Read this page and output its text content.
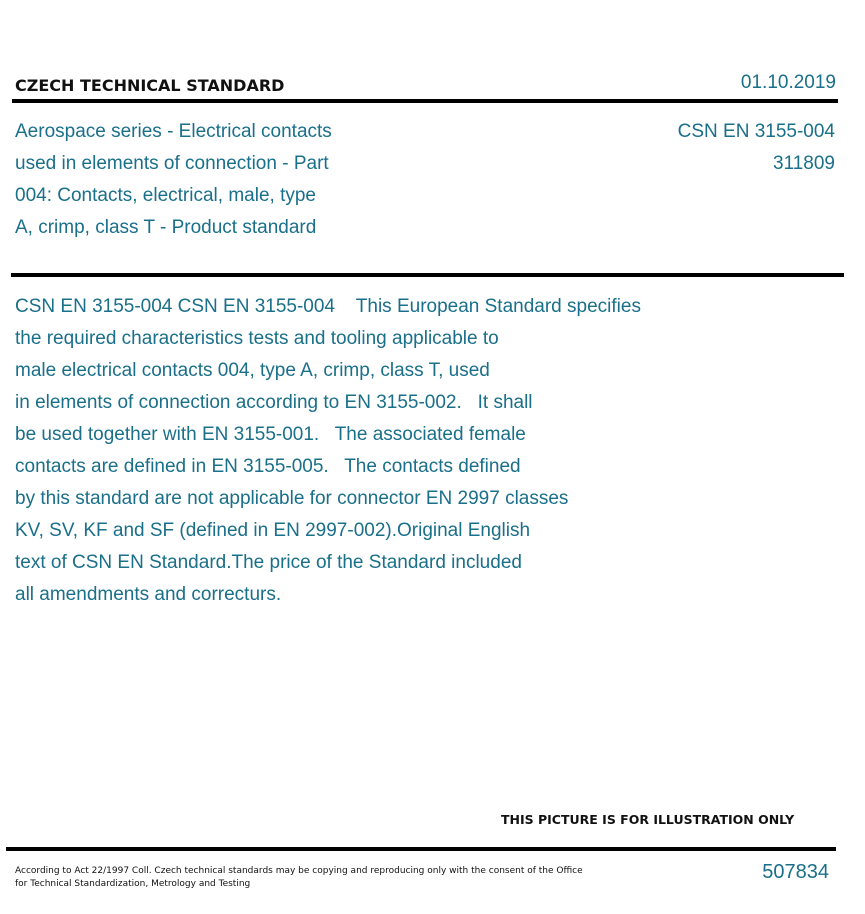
CZECH TECHNICAL STANDARD	01.10.2019
Aerospace series - Electrical contacts
used in elements of connection - Part
004: Contacts, electrical, male, type
A, crimp, class T - Product standard
CSN EN 3155-004
311809
CSN EN 3155-004 CSN EN 3155-004    This European Standard specifies
the required characteristics tests and tooling applicable to
male electrical contacts 004, type A, crimp, class T, used
in elements of connection according to EN 3155-002.   It shall
be used together with EN 3155-001.   The associated female
contacts are defined in EN 3155-005.   The contacts defined
by this standard are not applicable for connector EN 2997 classes
KV, SV, KF and SF (defined in EN 2997-002).Original English
text of CSN EN Standard.The price of the Standard included
all amendments and correcturs.
THIS PICTURE IS FOR ILLUSTRATION ONLY
According to Act 22/1997 Coll. Czech technical standards may be copying and reproducing only with the consent of the Office
for Technical Standardization, Metrology and Testing
507834
